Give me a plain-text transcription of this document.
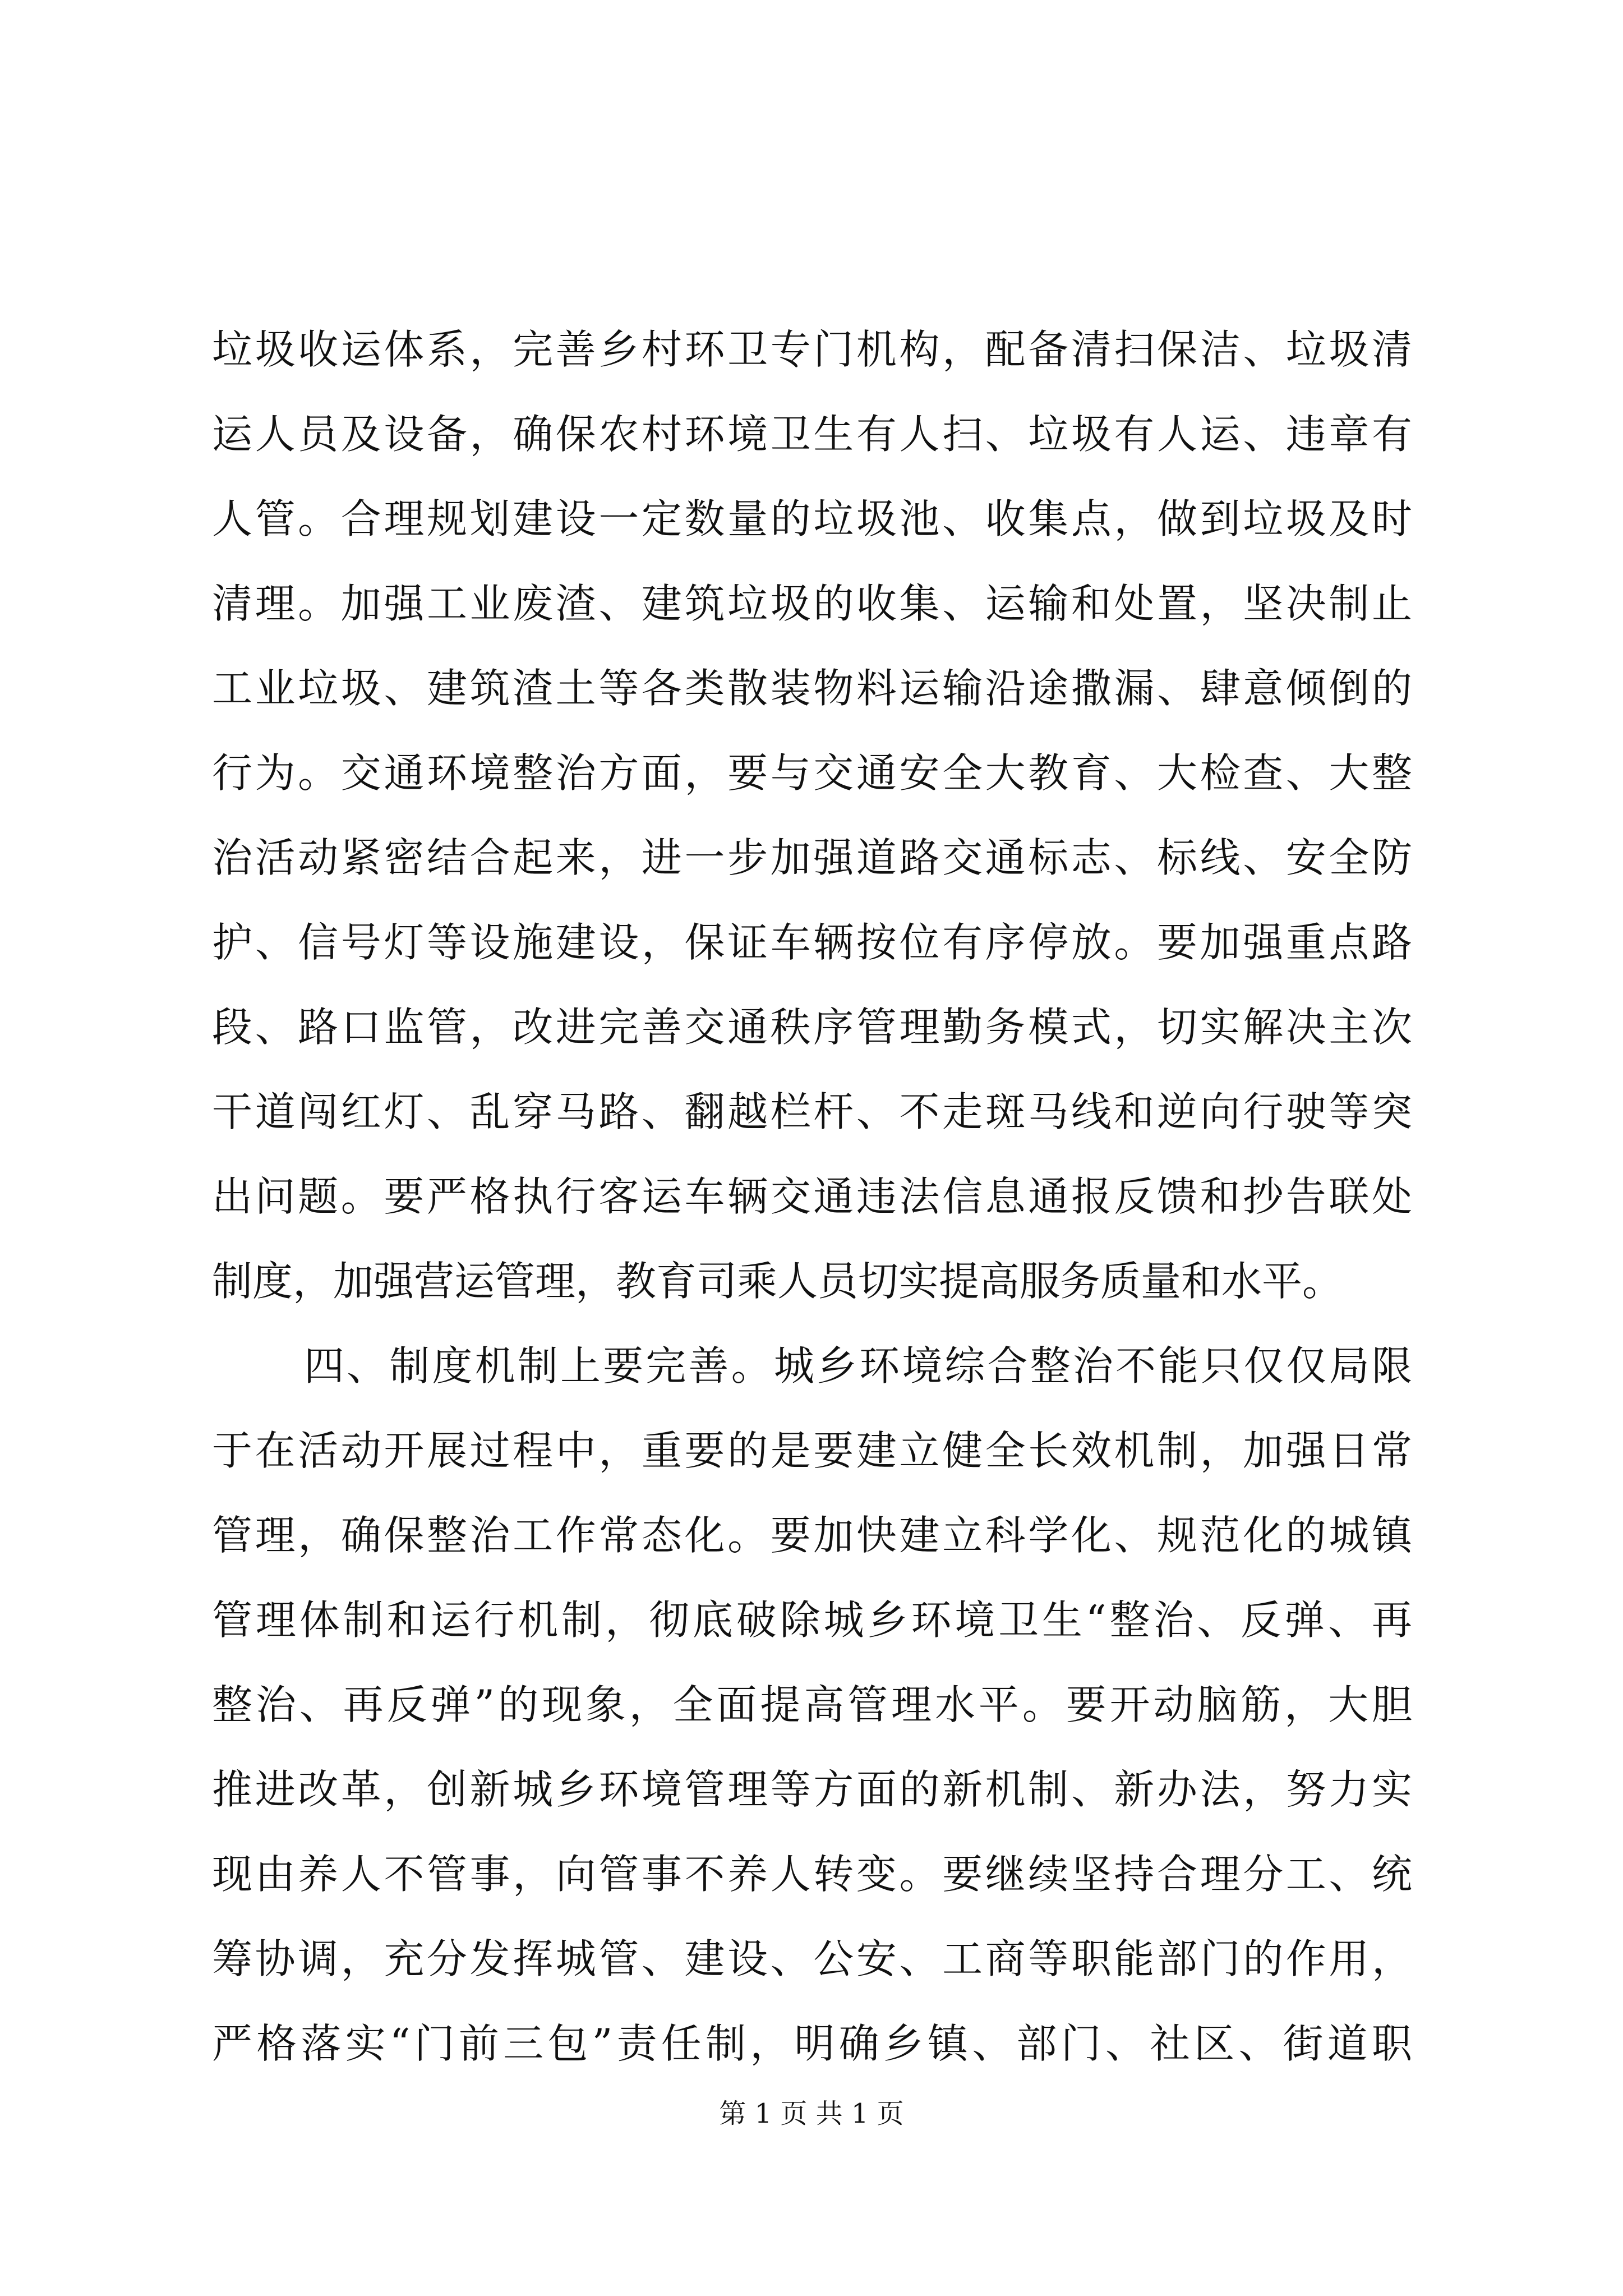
垃圾收运体系，完善乡村环卫专门机构，配备清扫保洁、垃圾清
运人员及设备，确保农村环境卫生有人扫、垃圾有人运、违章有
人管。合理规划建设一定数量的垃圾池、收集点，做到垃圾及时
清理。加强工业废渣、建筑垃圾的收集、运输和处置，坚决制止
工业垃圾、建筑渣土等各类散装物料运输沿途撒漏、肆意倾倒的
行为。交通环境整治方面，要与交通安全大教育、大检查、大整
治活动紧密结合起来，进一步加强道路交通标志、标线、安全防
护、信号灯等设施建设，保证车辆按位有序停放。要加强重点路
段、路口监管，改进完善交通秩序管理勤务模式，切实解决主次
干道闯红灯、乱穿马路、翻越栏杆、不走斑马线和逆向行驶等突
出问题。要严格执行客运车辆交通违法信息通报反馈和抄告联处
制度，加强营运管理，教育司乘人员切实提高服务质量和水平。
四、制度机制上要完善。城乡环境综合整治不能只仅仅局限
于在活动开展过程中，重要的是要建立健全长效机制，加强日常
管理，确保整治工作常态化。要加快建立科学化、规范化的城镇
管理体制和运行机制，彻底破除城乡环境卫生“整治、反弹、再
整治、再反弹”的现象，全面提高管理水平。要开动脑筋，大胆
推进改革，创新城乡环境管理等方面的新机制、新办法，努力实
现由养人不管事，向管事不养人转变。要继续坚持合理分工、统
筹协调，充分发挥城管、建设、公安、工商等职能部门的作用，
严格落实“门前三包”责任制，明确乡镇、部门、社区、街道职
第 1 页 共 1 页
